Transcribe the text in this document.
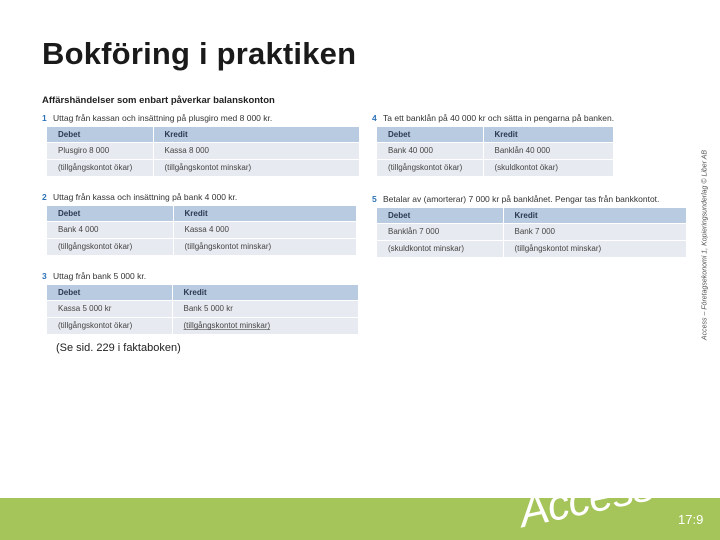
Bokföring i praktiken
Affärshändelser som enbart påverkar balanskonton
1 Uttag från kassan och insättning på plusgiro med 8 000 kr.
Debet	Kredit
Plusgiro 8 000	Kassa 8 000
(tillgångskontot ökar)	(tillgångskontot minskar)
2 Uttag från kassa och insättning på bank 4 000 kr.
Debet	Kredit
Bank 4 000	Kassa 4 000
(tillgångskontot ökar)	(tillgångskontot minskar)
3 Uttag från bank 5 000 kr.
Debet	Kredit
Kassa 5 000 kr	Bank 5 000 kr
(tillgångskontot ökar)	(tillgångskontot minskar)
4 Ta ett banklån på 40 000 kr och sätta in pengarna på banken.
Debet	Kredit
Bank 40 000	Banklån 40 000
(tillgångskontot ökar)	(skuldkontot ökar)
5 Betalar av (amorterar) 7 000 kr på banklånet. Pengar tas från bankkontot.
Debet	Kredit
Banklån 7 000	Bank 7 000
(skuldkontot minskar)	(tillgångskontot minskar)
(Se sid. 229 i faktaboken)
Access – Företagsekonomi 1, Kopieringsunderlag © Liber AB
Access 17:9
